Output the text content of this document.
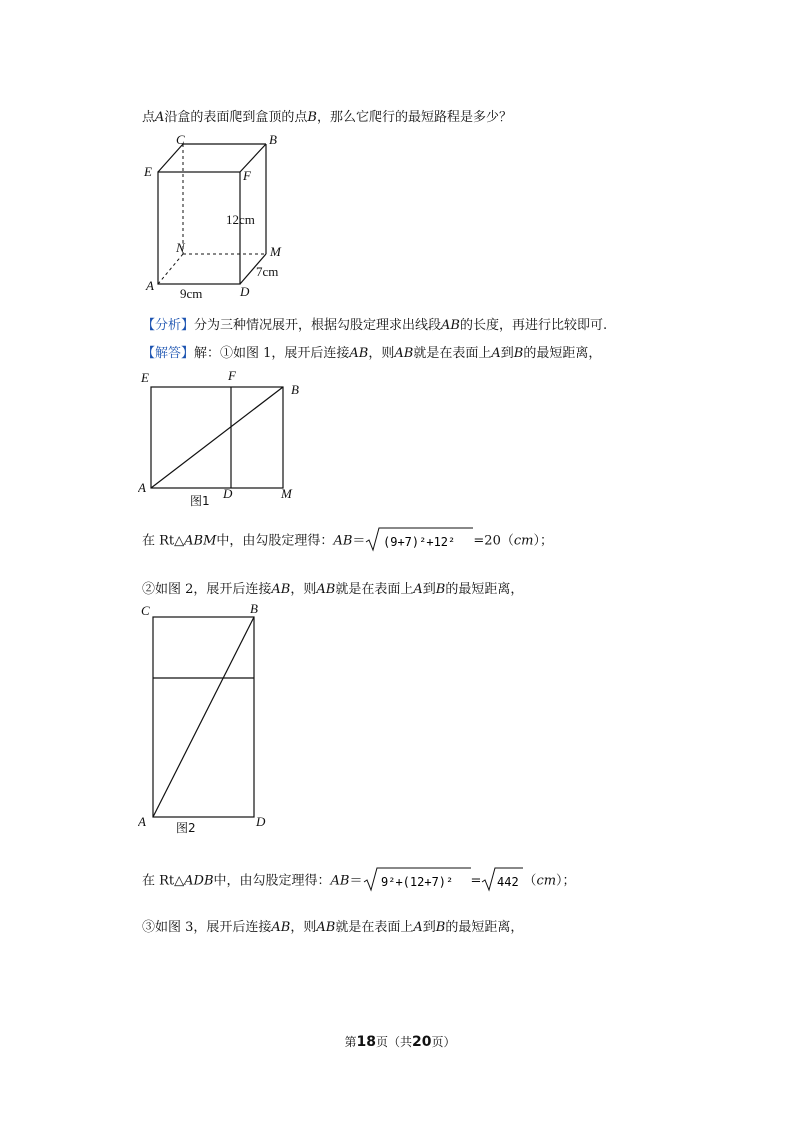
点A沿盒的表面爬到盒顶的点B，那么它爬行的最短路程是多少？
C	B
E	F
N	M
A	D
12cm
7cm
9cm
【分析】分为三种情况展开，根据勾股定理求出线段AB的长度，再进行比较即可.
【解答】解：①如图 1，展开后连接AB，则AB就是在表面上A到B的最短距离，
E	F
B
A	D	M
图1
在 Rt△ABM中，由勾股定理得：AB＝ (9+7)²+12² =20（cm）；
②如图 2，展开后连接AB，则AB就是在表面上A到B的最短距离，
C	B
A	D
图2
在 Rt△ADB中，由勾股定理得：AB＝ 9²+(12+7)² = 442 （cm）；
③如图 3，展开后连接AB，则AB就是在表面上A到B的最短距离，
第18页（共20页）
